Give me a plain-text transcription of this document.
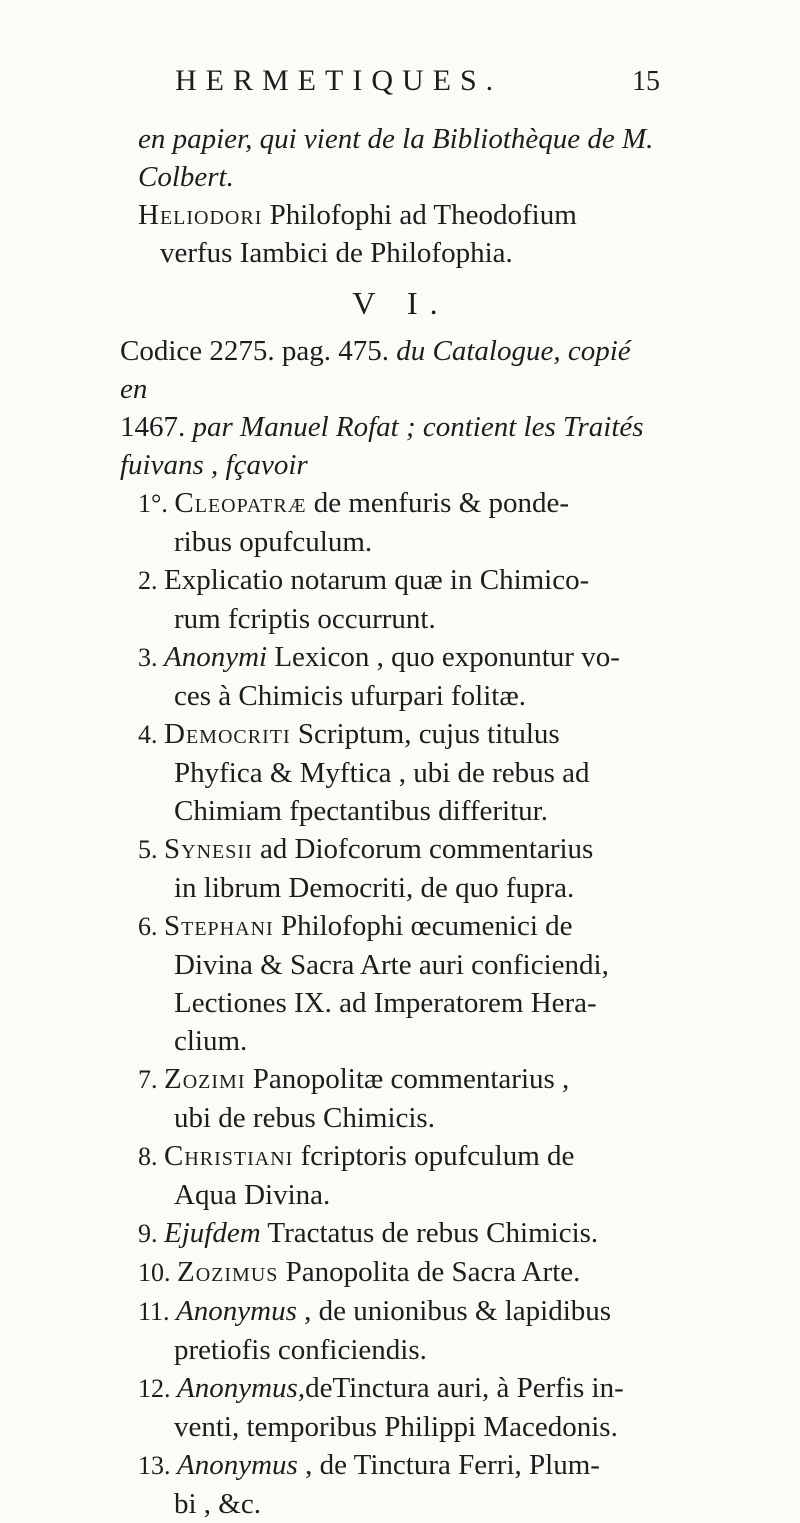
HERMETIQUES.	15

en papier, qui vient de la Bibliothèque de M.

Colbert.

Heliodori Philofophi ad Theodofium

verfus Iambici de Philofophia.

V I.

Codice 2275. pag. 475. du Catalogue, copié en

1467. par Manuel Rofat ; contient les Traités

fuivans , fçavoir

1°. Cleopatræ de menfuris & ponde-

ribus opufculum.

2. Explicatio notarum quæ in Chimico-

rum fcriptis occurrunt.

3. Anonymi Lexicon , quo exponuntur vo-

ces à Chimicis ufurpari folitæ.

4. Democriti Scriptum, cujus titulus

Phyfica & Myftica , ubi de rebus ad

Chimiam fpectantibus differitur.

5. Synesii ad Diofcorum commentarius

in librum Democriti, de quo fupra.

6. Stephani Philofophi œcumenici de

Divina & Sacra Arte auri conficiendi,

Lectiones IX. ad Imperatorem Hera-

clium.

7. Zozimi Panopolitæ commentarius ,

ubi de rebus Chimicis.

8. Christiani fcriptoris opufculum de

Aqua Divina.

9. Ejufdem Tractatus de rebus Chimicis.

10. Zozimus Panopolita de Sacra Arte.

11. Anonymus , de unionibus & lapidibus

pretiofis conficiendis.

12. Anonymus,deTinctura auri, à Perfis in-

venti, temporibus Philippi Macedonis.

13. Anonymus , de Tinctura Ferri, Plum-

bi , &c.
